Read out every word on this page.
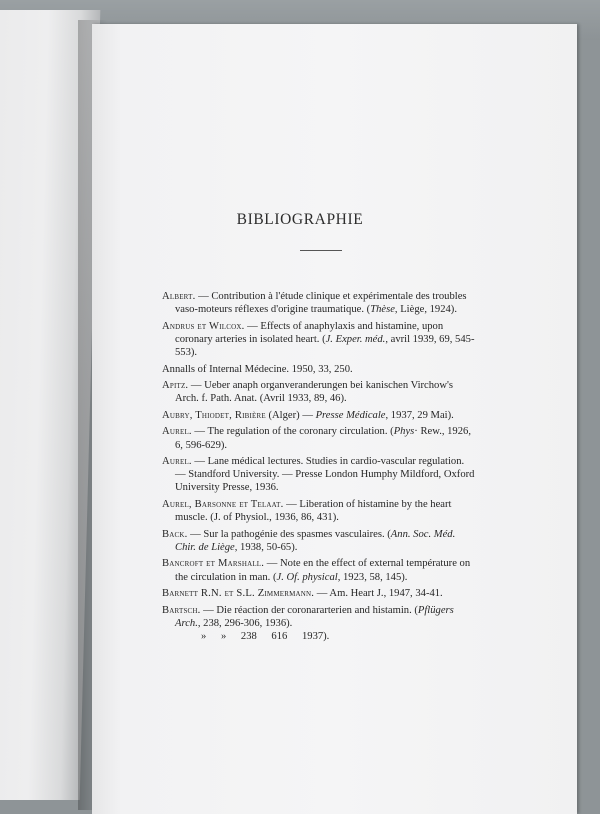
BIBLIOGRAPHIE

Albert. — Contribution à l'étude clinique et expérimentale des troubles vaso-moteurs réflexes d'origine traumatique. (Thèse, Liège, 1924).

Andrus et Wilcox. — Effects of anaphylaxis and histamine, upon coronary arteries in isolated heart. (J. Exper. méd., avril 1939, 69, 545-553).

Annalls of Internal Médecine. 1950, 33, 250.

Apitz. — Ueber anaph organveranderungen bei kanischen Virchow's Arch. f. Path. Anat. (Avril 1933, 89, 46).

Aubry, Thiodet, Ribière (Alger) — Presse Médicale, 1937, 29 Mai).

Aurel. — The regulation of the coronary circulation. (Phys· Rew., 1926, 6, 596-629).

Aurel. — Lane médical lectures. Studies in cardio-vascular regulation. — Standford University. — Presse London Humphy Mildford, Oxford University Presse, 1936.

Aurel, Barsonne et Telaat. — Liberation of histamine by the heart muscle. (J. of Physiol., 1936, 86, 431).

Back. — Sur la pathogénie des spasmes vasculaires. (Ann. Soc. Méd. Chir. de Liège, 1938, 50-65).

Bancroft et Marshall. — Note en the effect of external température on the circulation in man. (J. Of. physical, 1923, 58, 145).

Barnett R.N. et S.L. Zimmermann. — Am. Heart J., 1947, 34-41.

Bartsch. — Die réaction der coronararterien and histamin. (Pflügers Arch., 238, 296-306, 1936).

» » 238 616 1937).
